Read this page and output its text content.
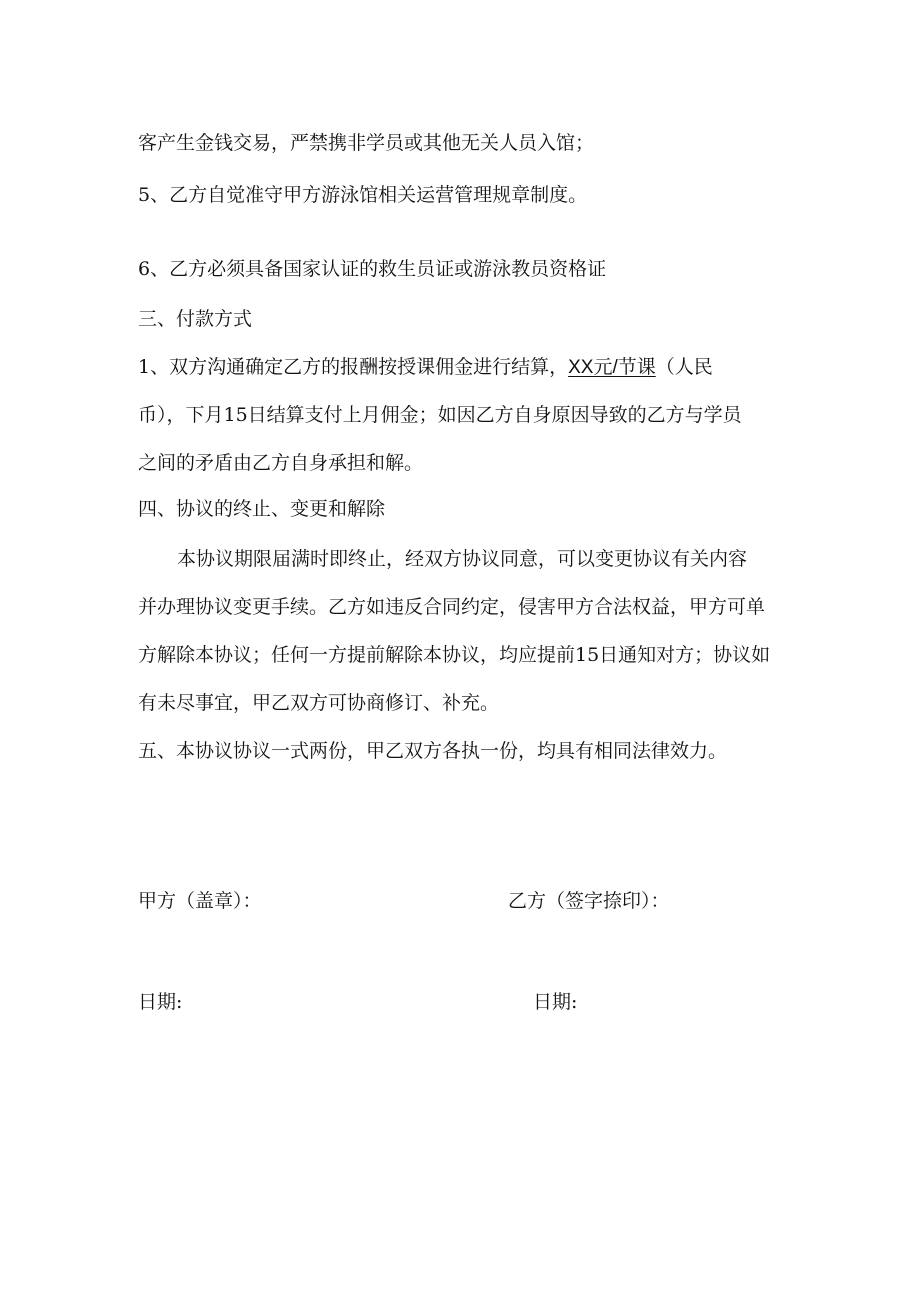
客产生金钱交易，严禁携非学员或其他无关人员入馆；
5、乙方自觉准守甲方游泳馆相关运营管理规章制度。
6、乙方必须具备国家认证的救生员证或游泳教员资格证
三、付款方式
1、双方沟通确定乙方的报酬按授课佣金进行结算，XX元/节课（人民
币），下月15日结算支付上月佣金；如因乙方自身原因导致的乙方与学员
之间的矛盾由乙方自身承担和解。
四、协议的终止、变更和解除
本协议期限届满时即终止，经双方协议同意，可以变更协议有关内容
并办理协议变更手续。乙方如违反合同约定，侵害甲方合法权益，甲方可单
方解除本协议；任何一方提前解除本协议，均应提前15日通知对方；协议如
有未尽事宜，甲乙双方可协商修订、补充。
五、本协议协议一式两份，甲乙双方各执一份，均具有相同法律效力。
甲方（盖章）：	乙方（签字捺印）：
日期:	日期:
